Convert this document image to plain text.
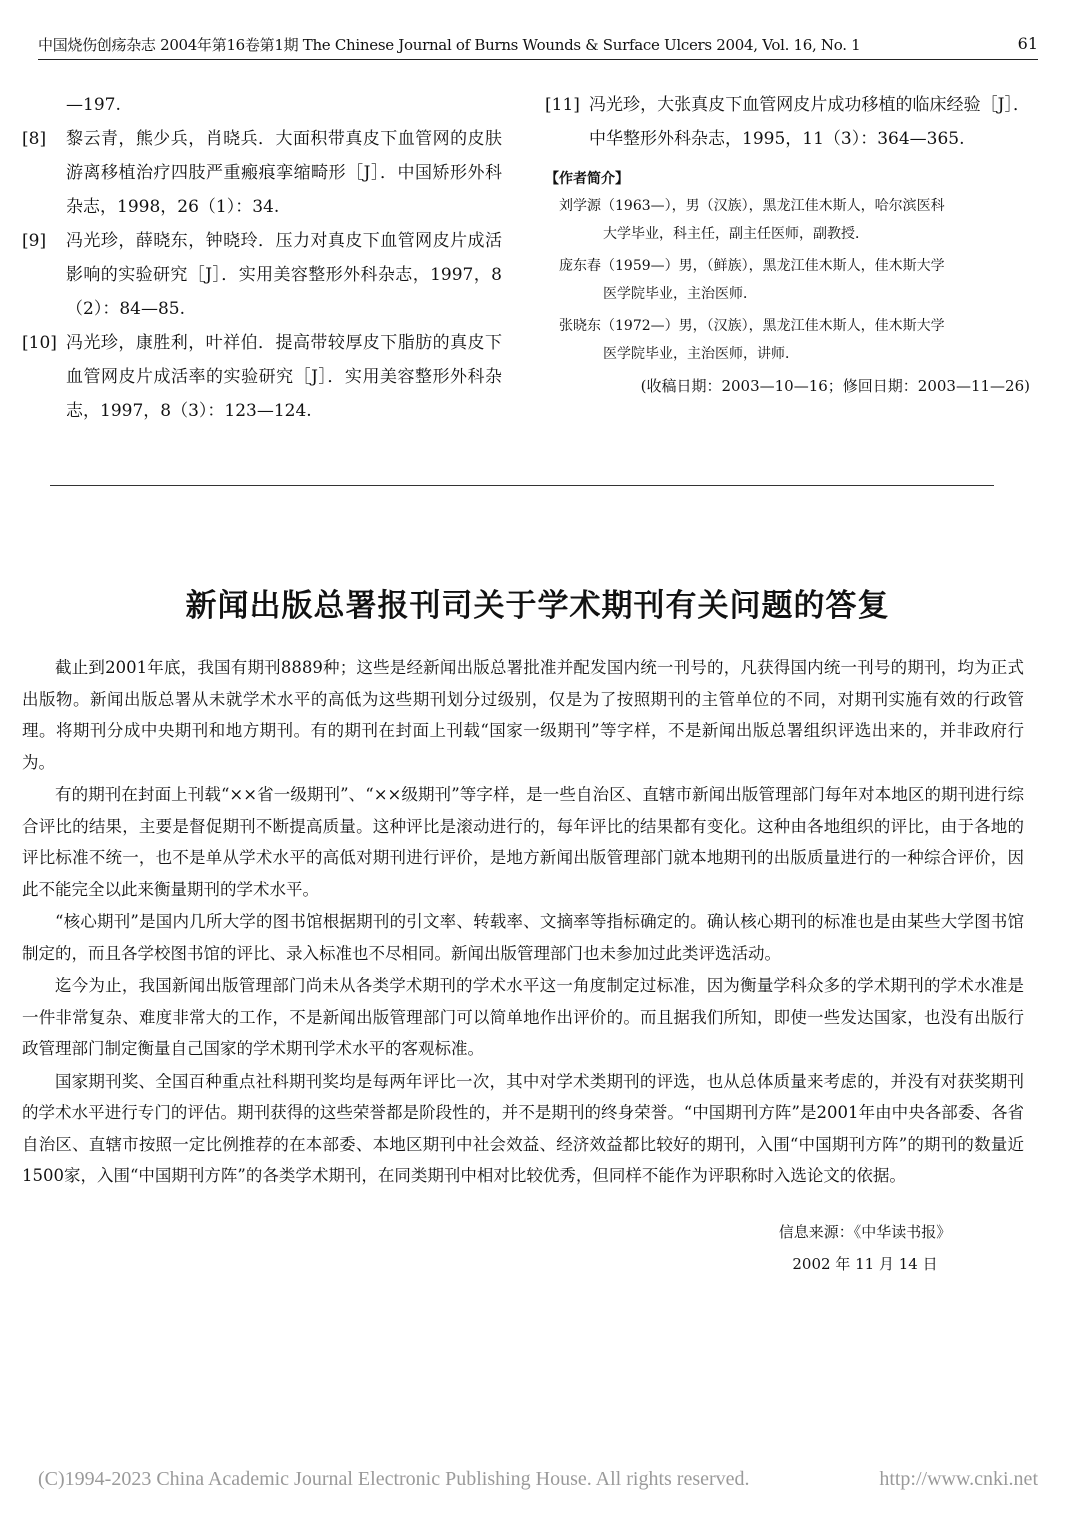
中国烧伤创疡杂志 2004年第16卷第1期 The Chinese Journal of Burns Wounds & Surface Ulcers 2004, Vol. 16, No. 1	61
—197.
[8]	黎云青，熊少兵，肖晓兵．大面积带真皮下血管网的皮肤游离移植治疗四肢严重瘢痕挛缩畸形［J］．中国矫形外科杂志，1998，26（1）：34.
[9]	冯光珍，薛晓东，钟晓玲．压力对真皮下血管网皮片成活影响的实验研究［J］．实用美容整形外科杂志，1997，8（2）：84—85.
[10] 冯光珍，康胜利，叶祥伯．提高带较厚皮下脂肪的真皮下血管网皮片成活率的实验研究［J］．实用美容整形外科杂志，1997，8（3）：123—124.
[11] 冯光珍，大张真皮下血管网皮片成功移植的临床经验［J］．中华整形外科杂志，1995，11（3）：364—365.
【作者简介】
刘学源（1963—），男（汉族），黑龙江佳木斯人，哈尔滨医科
大学毕业，科主任，副主任医师，副教授．
庞东春（1959—）男，（鲜族），黑龙江佳木斯人，佳木斯大学
医学院毕业，主治医师．
张晓东（1972—）男，（汉族），黑龙江佳木斯人，佳木斯大学
医学院毕业，主治医师，讲师．
(收稿日期：2003—10—16；修回日期：2003—11—26)
新闻出版总署报刊司关于学术期刊有关问题的答复

截止到2001年底，我国有期刊8889种；这些是经新闻出版总署批准并配发国内统一刊号的，凡获得国内统一刊号的期刊，均为正式出版物。新闻出版总署从未就学术水平的高低为这些期刊划分过级别，仅是为了按照期刊的主管单位的不同，对期刊实施有效的行政管理。将期刊分成中央期刊和地方期刊。有的期刊在封面上刊载“国家一级期刊”等字样，不是新闻出版总署组织评选出来的，并非政府行为。

有的期刊在封面上刊载“××省一级期刊”、“××级期刊”等字样，是一些自治区、直辖市新闻出版管理部门每年对本地区的期刊进行综合评比的结果，主要是督促期刊不断提高质量。这种评比是滚动进行的，每年评比的结果都有变化。这种由各地组织的评比，由于各地的评比标准不统一，也不是单从学术水平的高低对期刊进行评价，是地方新闻出版管理部门就本地期刊的出版质量进行的一种综合评价，因此不能完全以此来衡量期刊的学术水平。

“核心期刊”是国内几所大学的图书馆根据期刊的引文率、转载率、文摘率等指标确定的。确认核心期刊的标准也是由某些大学图书馆制定的，而且各学校图书馆的评比、录入标准也不尽相同。新闻出版管理部门也未参加过此类评选活动。

迄今为止，我国新闻出版管理部门尚未从各类学术期刊的学术水平这一角度制定过标准，因为衡量学科众多的学术期刊的学术水准是一件非常复杂、难度非常大的工作，不是新闻出版管理部门可以简单地作出评价的。而且据我们所知，即使一些发达国家，也没有出版行政管理部门制定衡量自己国家的学术期刊学术水平的客观标准。

国家期刊奖、全国百种重点社科期刊奖均是每两年评比一次，其中对学术类期刊的评选，也从总体质量来考虑的，并没有对获奖期刊的学术水平进行专门的评估。期刊获得的这些荣誉都是阶段性的，并不是期刊的终身荣誉。“中国期刊方阵”是2001年由中央各部委、各省自治区、直辖市按照一定比例推荐的在本部委、本地区期刊中社会效益、经济效益都比较好的期刊，入围“中国期刊方阵”的期刊的数量近1500家，入围“中国期刊方阵”的各类学术期刊，在同类期刊中相对比较优秀，但同样不能作为评职称时入选论文的依据。

信息来源：《中华读书报》
2002 年 11 月 14 日
(C)1994-2023 China Academic Journal Electronic Publishing House. All rights reserved.	http://www.cnki.net
